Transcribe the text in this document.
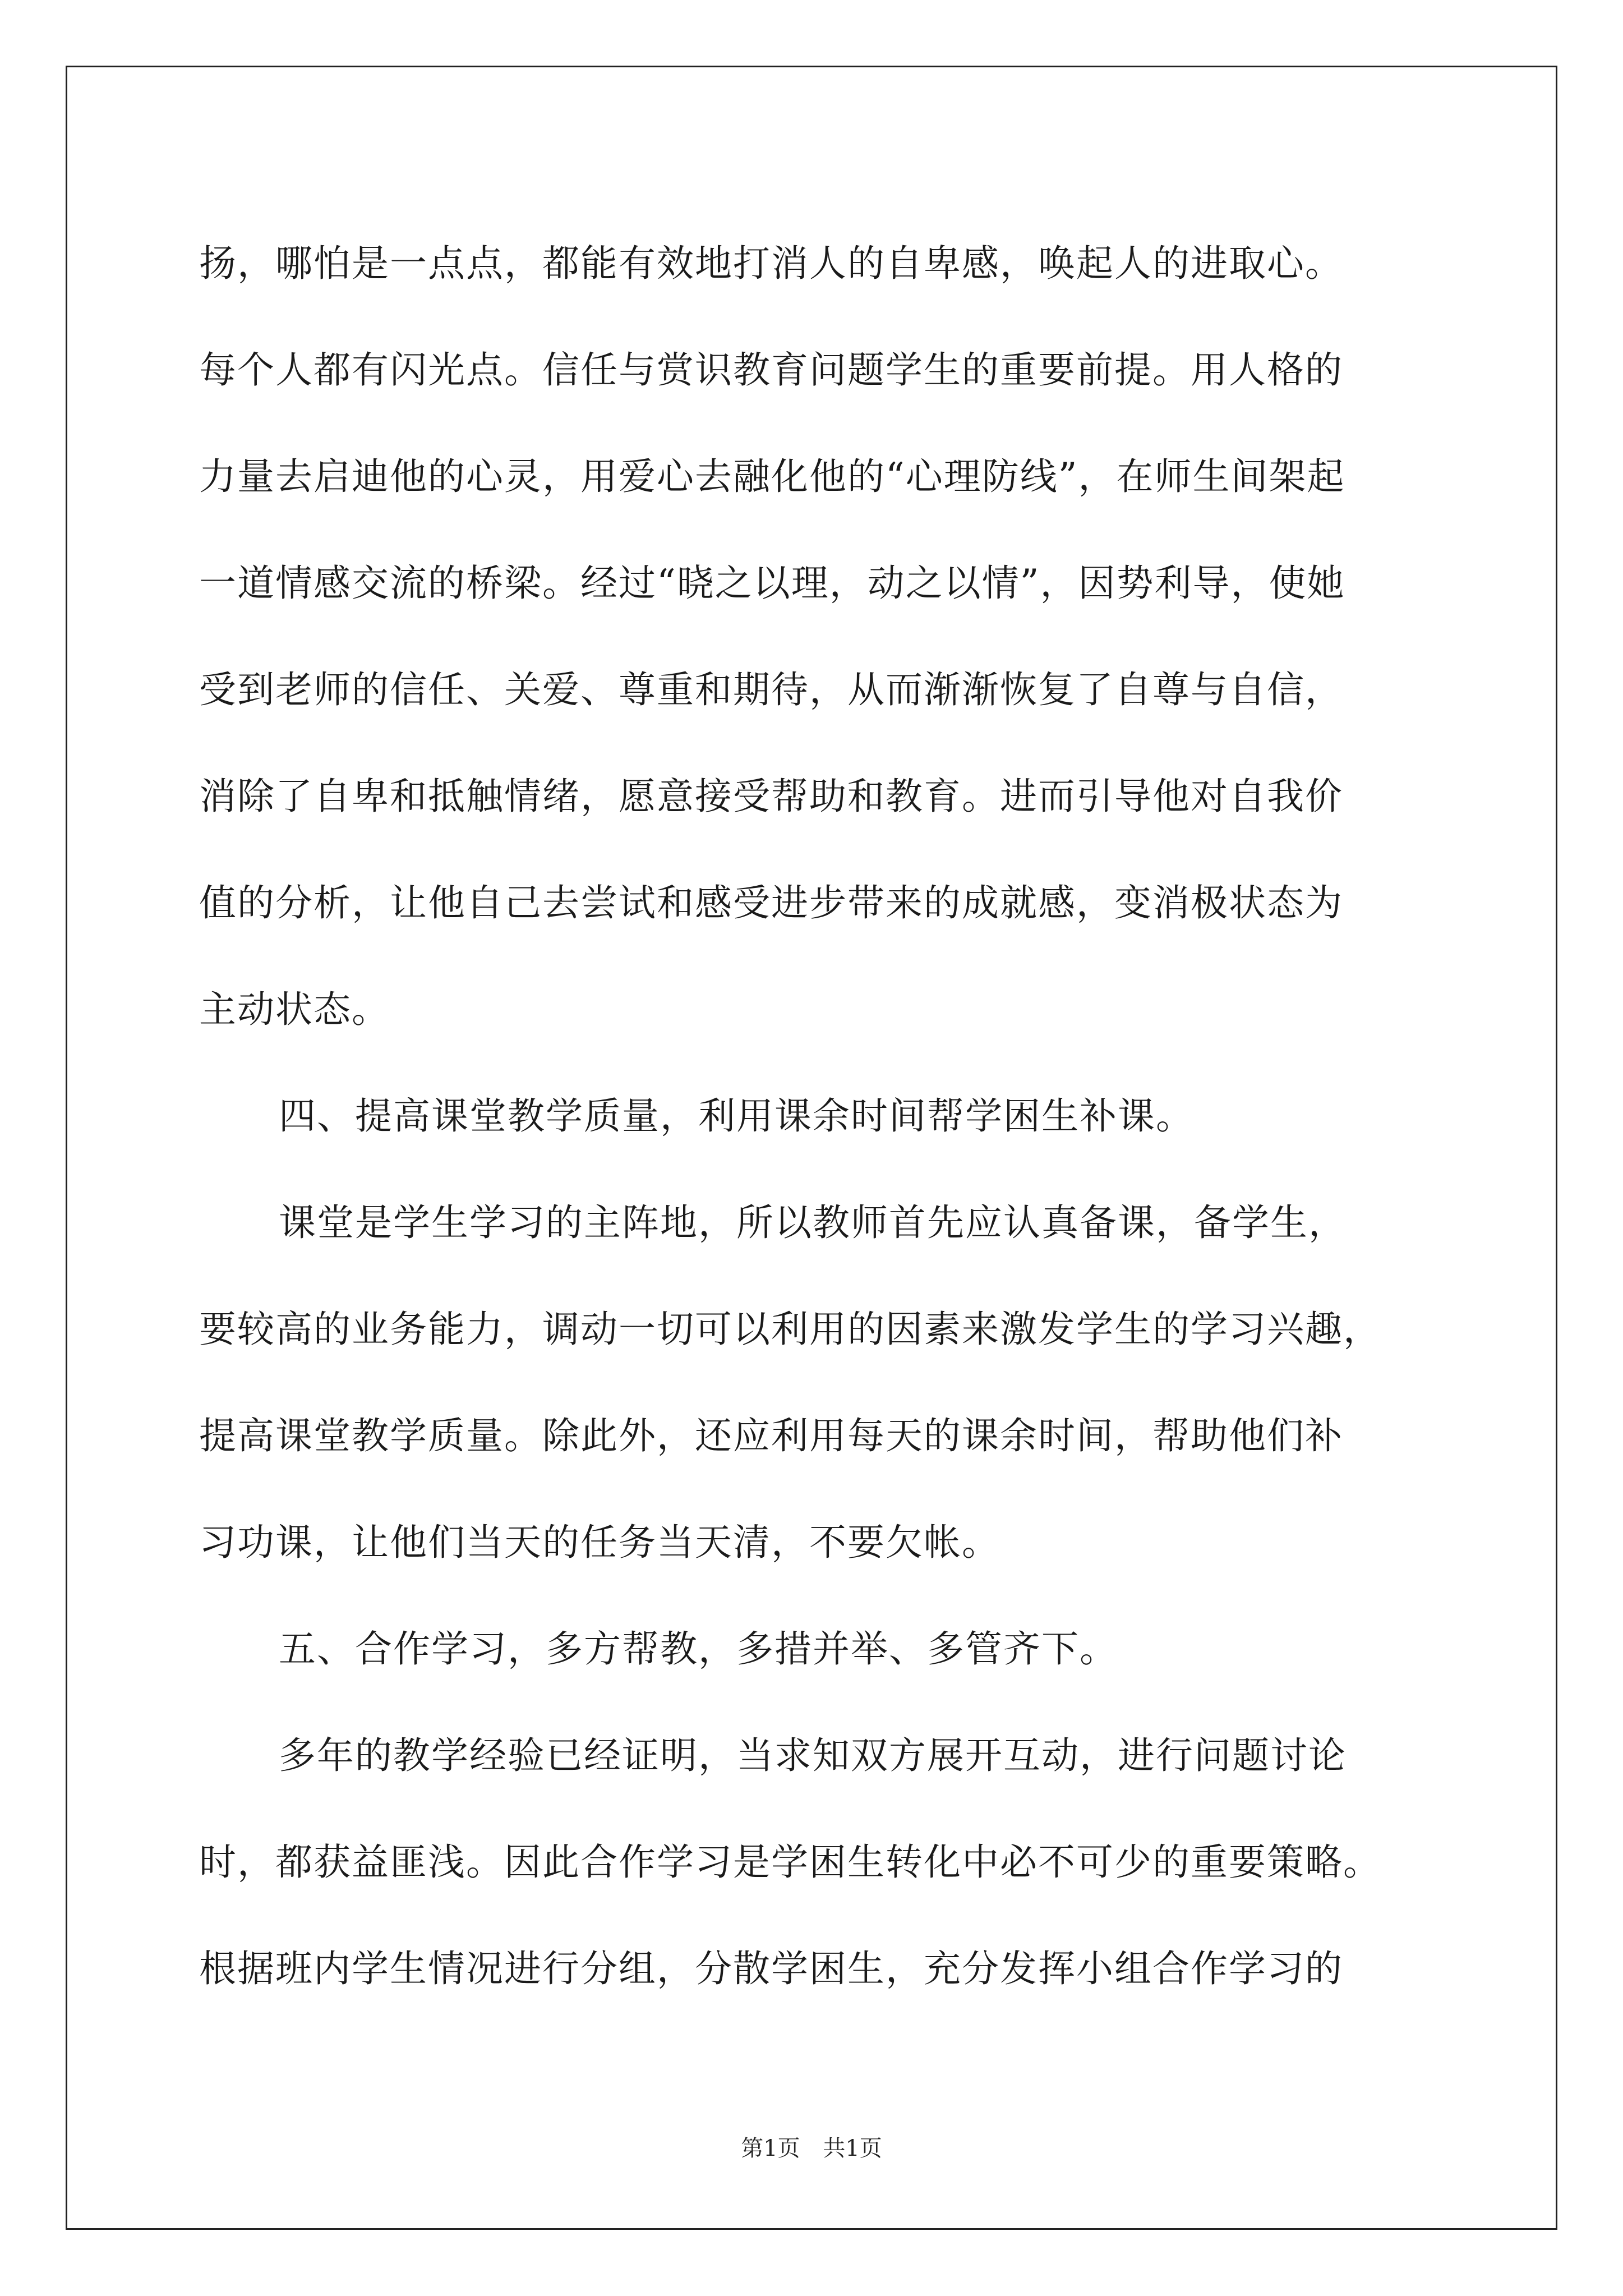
扬，哪怕是一点点，都能有效地打消人的自卑感，唤起人的进取心。
每个人都有闪光点。信任与赏识教育问题学生的重要前提。用人格的
力量去启迪他的心灵，用爱心去融化他的“心理防线”，在师生间架起
一道情感交流的桥梁。经过“晓之以理，动之以情”，因势利导，使她
受到老师的信任、关爱、尊重和期待，从而渐渐恢复了自尊与自信，
消除了自卑和抵触情绪，愿意接受帮助和教育。进而引导他对自我价
值的分析，让他自己去尝试和感受进步带来的成就感，变消极状态为
主动状态。
四、提高课堂教学质量，利用课余时间帮学困生补课。
课堂是学生学习的主阵地，所以教师首先应认真备课，备学生，
要较高的业务能力，调动一切可以利用的因素来激发学生的学习兴趣，
提高课堂教学质量。除此外，还应利用每天的课余时间，帮助他们补
习功课，让他们当天的任务当天清，不要欠帐。
五、合作学习，多方帮教，多措并举、多管齐下。
多年的教学经验已经证明，当求知双方展开互动，进行问题讨论
时，都获益匪浅。因此合作学习是学困生转化中必不可少的重要策略。
根据班内学生情况进行分组，分散学困生，充分发挥小组合作学习的
第1页 共1页
